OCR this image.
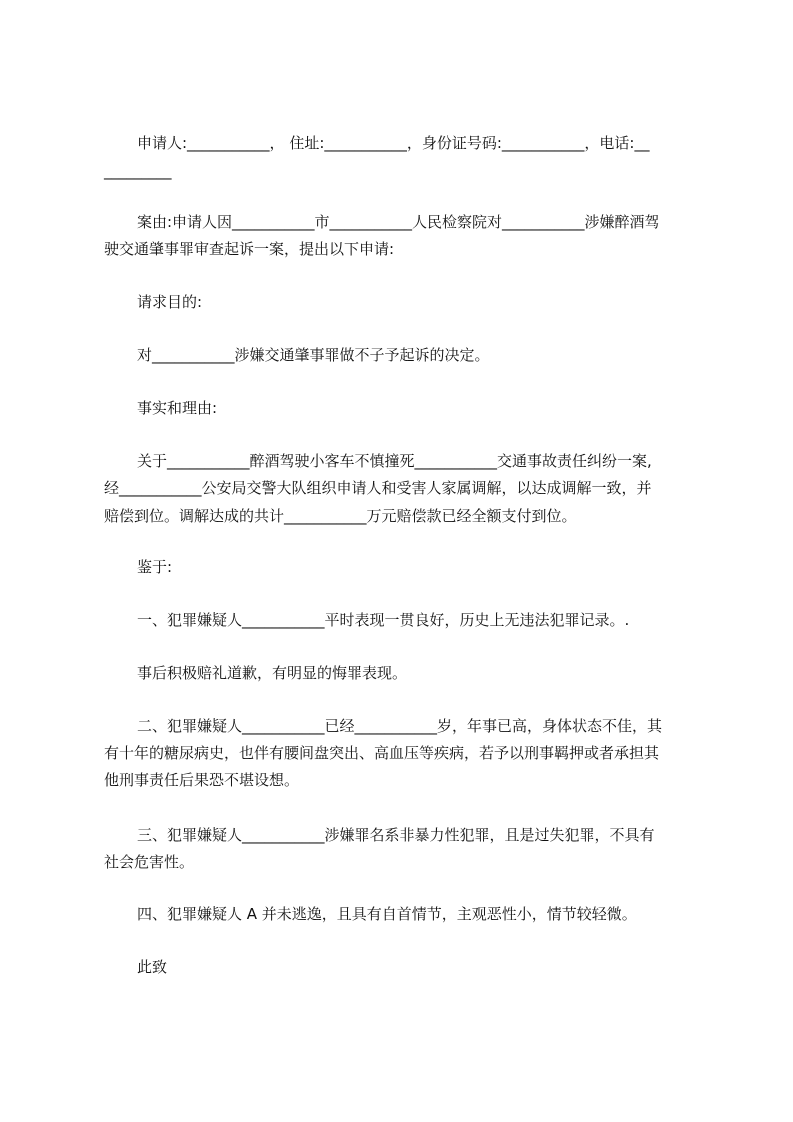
申请人:___________， 住址:___________，身份证号码:___________，电话:__
_________
案由:申请人因___________市___________人民检察院对___________涉嫌醉酒驾
驶交通肇事罪审查起诉一案，提出以下申请:
请求目的:
对___________涉嫌交通肇事罪做不子予起诉的决定。
事实和理由:
关于___________醉酒驾驶小客车不慎撞死___________交通事故责任纠纷一案,
经___________公安局交警大队组织申请人和受害人家属调解，以达成调解一致，并
赔偿到位。调解达成的共计___________万元赔偿款已经全额支付到位。
鉴于:
一、犯罪嫌疑人___________平时表现一贯良好，历史上无违法犯罪记录。.
事后积极赔礼道歉，有明显的悔罪表现。
二、犯罪嫌疑人___________已经___________岁，年事已高，身体状态不佳，其
有十年的糖尿病史，也伴有腰间盘突出、高血压等疾病，若予以刑事羁押或者承担其
他刑事责任后果恐不堪设想。
三、犯罪嫌疑人___________涉嫌罪名系非暴力性犯罪，且是过失犯罪，不具有
社会危害性。
四、犯罪嫌疑人 A 并未逃逸，且具有自首情节，主观恶性小，情节较轻微。
此致
